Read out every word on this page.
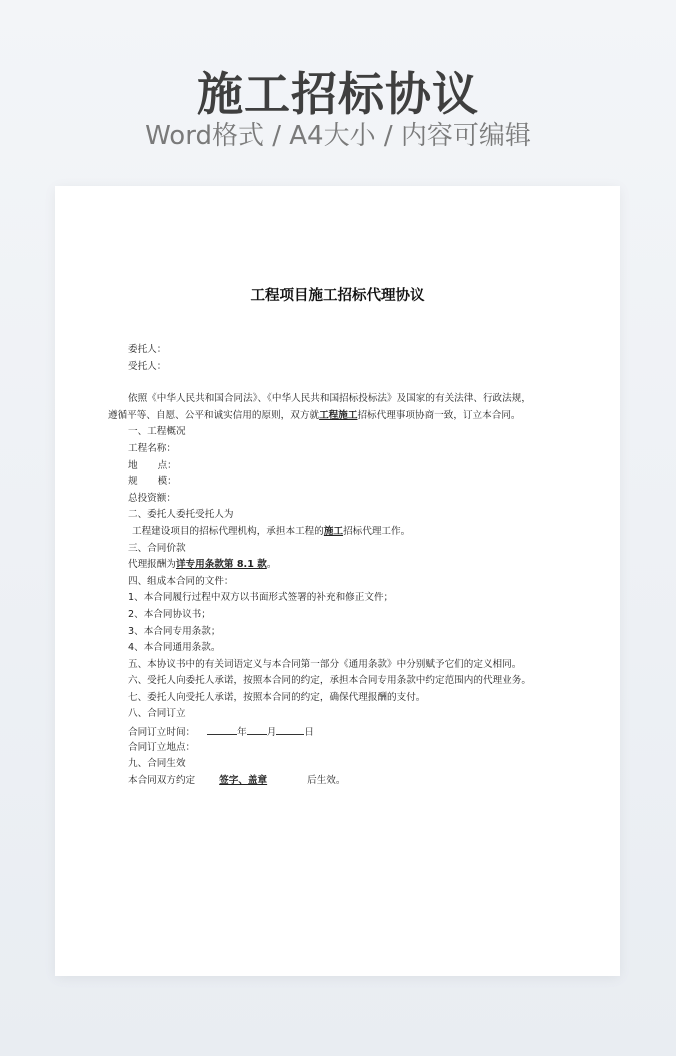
施工招标协议
Word格式 / A4大小 / 内容可编辑
工程项目施工招标代理协议
委托人：
受托人：
依照《中华人民共和国合同法》、《中华人民共和国招标投标法》及国家的有关法律、行政法规，
遵循平等、自愿、公平和诚实信用的原则，双方就工程施工招标代理事项协商一致，订立本合同。
一、工程概况
工程名称：
地 点：
规 模：
总投资额：
二、委托人委托受托人为
工程建设项目的招标代理机构，承担本工程的施工招标代理工作。
三、合同价款
代理报酬为详专用条款第 8.1 款。
四、组成本合同的文件：
1、本合同履行过程中双方以书面形式签署的补充和修正文件；
2、本合同协议书；
3、本合同专用条款；
4、本合同通用条款。
五、本协议书中的有关词语定义与本合同第一部分《通用条款》中分别赋予它们的定义相同。
六、受托人向委托人承诺，按照本合同的约定，承担本合同专用条款中约定范围内的代理业务。
七、委托人向受托人承诺，按照本合同的约定，确保代理报酬的支付。
八、合同订立
合同订立时间：	年 月	日
合同订立地点：
九、合同生效
本合同双方约定	签字、盖章	后生效。
